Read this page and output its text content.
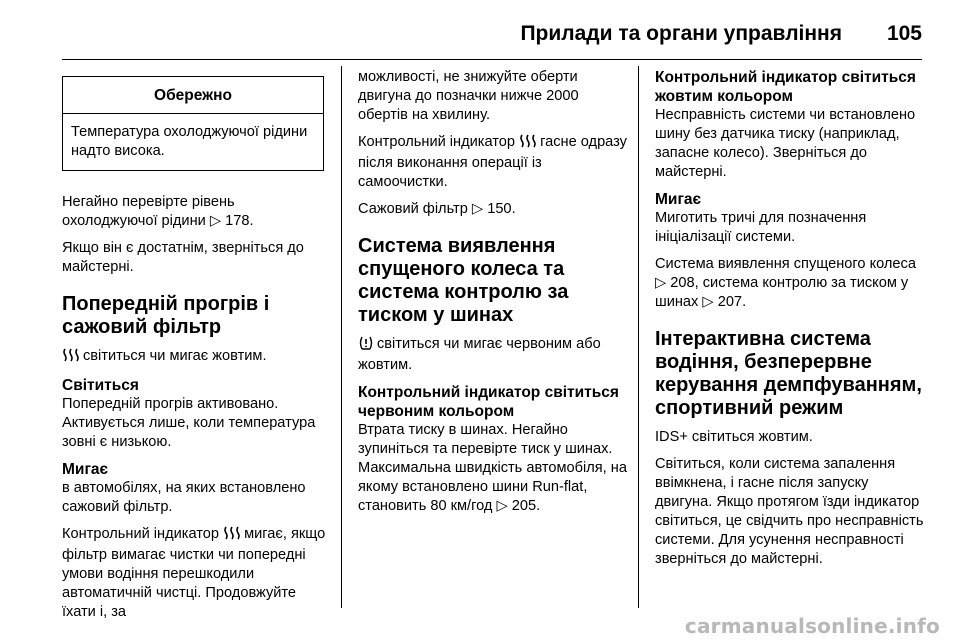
Прилади та органи управління 105
Обережно
Температура охолоджуючої рідини надто висока.

Негайно перевірте рівень охолоджуючої рідини ▷ 178.

Якщо він є достатнім, зверніться до майстерні.

Попередній прогрів і сажовий фільтр

світиться чи мигає жовтим.

Світиться

Попередній прогрів активовано. Активується лише, коли температура зовні є низькою.

Мигає

в автомобілях, на яких встановлено сажовий фільтр.

Контрольний індикатор мигає, якщо фільтр вимагає чистки чи попередні умови водіння перешкодили автоматичній чистці. Продовжуйте їхати і, за

можливості, не знижуйте оберти двигуна до позначки нижче 2000 обертів на хвилину.

Контрольний індикатор гасне одразу після виконання операції із самоочистки.

Сажовий фільтр ▷ 150.

Система виявлення спущеного колеса та система контролю за тиском у шинах

світиться чи мигає червоним або жовтим.

Контрольний індикатор світиться червоним кольором

Втрата тиску в шинах. Негайно зупиніться та перевірте тиск у шинах. Максимальна швидкість автомобіля, на якому встановлено шини Run-flat, становить 80 км/год ▷ 205.

Контрольний індикатор світиться жовтим кольором

Несправність системи чи встановлено шину без датчика тиску (наприклад, запасне колесо). Зверніться до майстерні.

Мигає

Миготить тричі для позначення ініціалізації системи.

Система виявлення спущеного колеса ▷ 208, система контролю за тиском у шинах ▷ 207.

Інтерактивна система водіння, безперервне керування демпфуванням, спортивний режим

IDS+ світиться жовтим.

Світиться, коли система запалення ввімкнена, і гасне після запуску двигуна. Якщо протягом їзди індикатор світиться, це свідчить про несправність системи. Для усунення несправності зверніться до майстерні.

carmanualsonline.info
